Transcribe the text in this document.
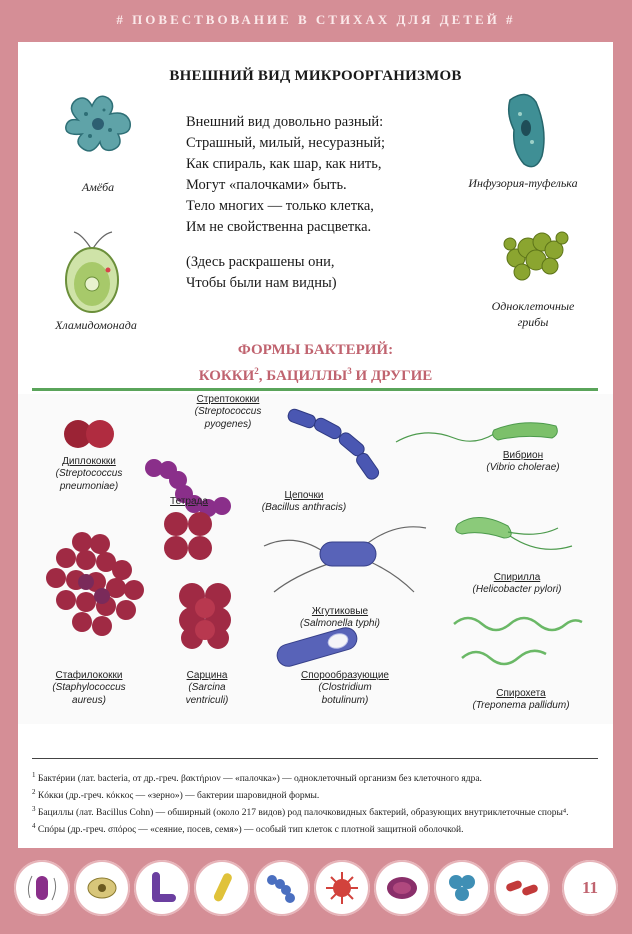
# ПОВЕСТВОВАНИЕ В СТИХАХ ДЛЯ ДЕТЕЙ #
ВНЕШНИЙ ВИД МИКРООРГАНИЗМОВ
Амёба
Хламидомонада
Внешний вид довольно разный:
Страшный, милый, несуразный;
Как спираль, как шар, как нить,
Могут «палочками» быть.
Тело многих — только клетка,
Им не свойственна расцветка.
(Здесь раскрашены они,
Чтобы были нам видны)
Инфузория-туфелька
Одноклеточные
грибы
ФОРМЫ БАКТЕРИЙ:
КОККИ$^2$, БАЦИЛЛЫ$^3$ И ДРУГИЕ
Диплококки
(Streptococcus
pneumoniae)
Стрептококки
(Streptococcus
pyogenes)
Цепочки
(Bacillus anthracis)
Вибрион
(Vibrio cholerae)
Тетрада
Спирилла
(Helicobacter pylori)
Жгутиковые
(Salmonella typhi)
Стафилококки
(Staphylococcus
aureus)
Сарцина
(Sarcina
ventriculi)
Спорообразующие
(Clostridium
botulinum)
Спирохета
(Treponema pallidum)
$^1$ Бактéрии (лат. bacteria, от др.-греч. βακτήριον — «палочка») — одноклеточный организм без клеточного ядра.
$^2$ Кóкки (др.-греч. κόκκος — «зерно») — бактерии шаровидной формы.
$^3$ Бациллы (лат. Bacillus Cohn) — обширный (около 217 видов) род палочковидных бактерий, образующих внутриклеточные споры⁴.
$^4$ Спóры (др.-греч. σπόρος — «сеяние, посев, семя») — особый тип клеток с плотной защитной оболочкой.
11
